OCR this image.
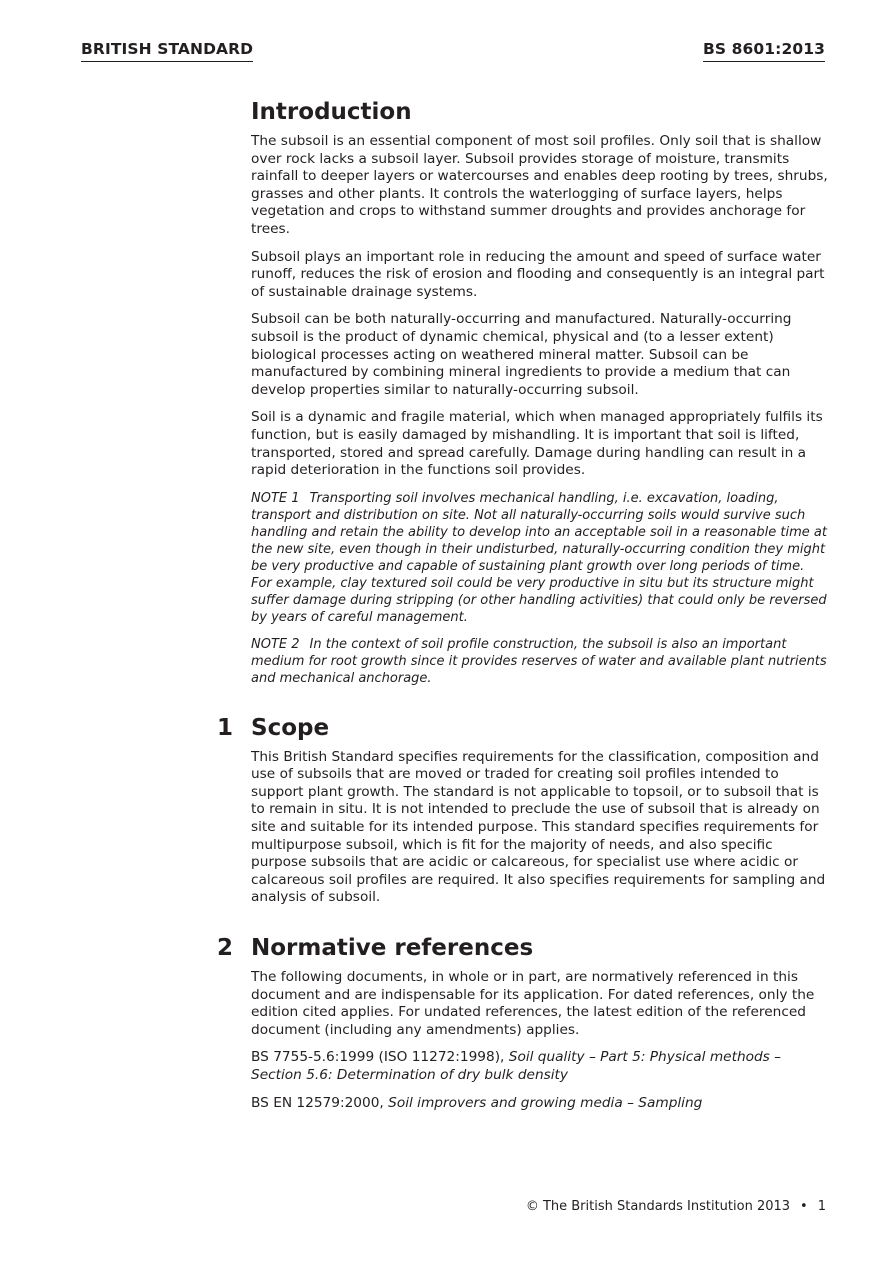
BRITISH STANDARD	BS 8601:2013
Introduction

The subsoil is an essential component of most soil profiles. Only soil that is shallow over rock lacks a subsoil layer. Subsoil provides storage of moisture, transmits rainfall to deeper layers or watercourses and enables deep rooting by trees, shrubs, grasses and other plants. It controls the waterlogging of surface layers, helps vegetation and crops to withstand summer droughts and provides anchorage for trees.

Subsoil plays an important role in reducing the amount and speed of surface water runoff, reduces the risk of erosion and flooding and consequently is an integral part of sustainable drainage systems.

Subsoil can be both naturally-occurring and manufactured. Naturally-occurring subsoil is the product of dynamic chemical, physical and (to a lesser extent) biological processes acting on weathered mineral matter. Subsoil can be manufactured by combining mineral ingredients to provide a medium that can develop properties similar to naturally-occurring subsoil.

Soil is a dynamic and fragile material, which when managed appropriately fulfils its function, but is easily damaged by mishandling. It is important that soil is lifted, transported, stored and spread carefully. Damage during handling can result in a rapid deterioration in the functions soil provides.

NOTE 1 Transporting soil involves mechanical handling, i.e. excavation, loading, transport and distribution on site. Not all naturally-occurring soils would survive such handling and retain the ability to develop into an acceptable soil in a reasonable time at the new site, even though in their undisturbed, naturally-occurring condition they might be very productive and capable of sustaining plant growth over long periods of time. For example, clay textured soil could be very productive in situ but its structure might suffer damage during stripping (or other handling activities) that could only be reversed by years of careful management.

NOTE 2 In the context of soil profile construction, the subsoil is also an important medium for root growth since it provides reserves of water and available plant nutrients and mechanical anchorage.

1 Scope

This British Standard specifies requirements for the classification, composition and use of subsoils that are moved or traded for creating soil profiles intended to support plant growth. The standard is not applicable to topsoil, or to subsoil that is to remain in situ. It is not intended to preclude the use of subsoil that is already on site and suitable for its intended purpose. This standard specifies requirements for multipurpose subsoil, which is fit for the majority of needs, and also specific purpose subsoils that are acidic or calcareous, for specialist use where acidic or calcareous soil profiles are required. It also specifies requirements for sampling and analysis of subsoil.

2 Normative references

The following documents, in whole or in part, are normatively referenced in this document and are indispensable for its application. For dated references, only the edition cited applies. For undated references, the latest edition of the referenced document (including any amendments) applies.

BS 7755-5.6:1999 (ISO 11272:1998), Soil quality – Part 5: Physical methods – Section 5.6: Determination of dry bulk density

BS EN 12579:2000, Soil improvers and growing media – Sampling

© The British Standards Institution 2013 • 1
